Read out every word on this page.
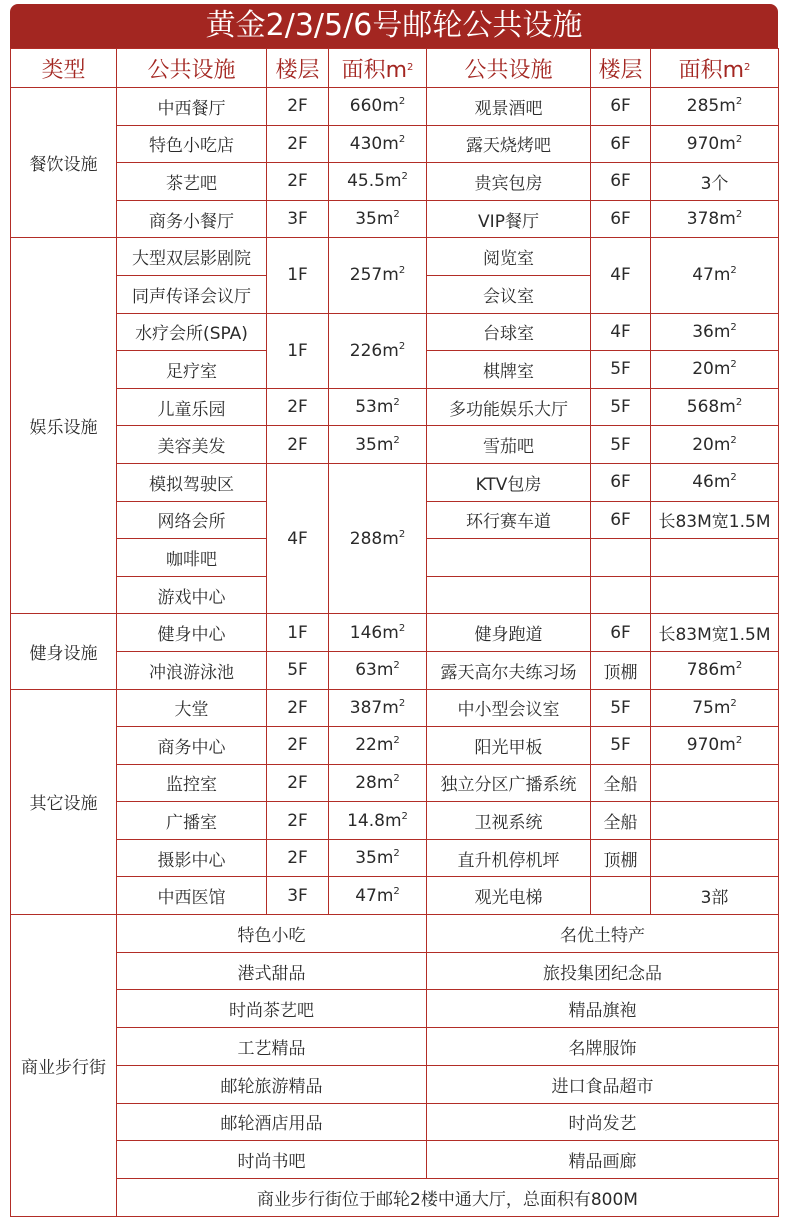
黄金2/3/5/6号邮轮公共设施
类型	公共设施	楼层	面积$m^2$	公共设施	楼层	面积$m^2$
餐饮设施	中西餐厅	2F	$660m^2$	观景酒吧	6F	$285m^2$
	特色小吃店	2F	$430m^2$	露天烧烤吧	6F	$970m^2$
	茶艺吧	2F	$45.5m^2$	贵宾包房	6F	3个
	商务小餐厅	3F	$35m^2$	VIP餐厅	6F	$378m^2$
娱乐设施	大型双层影剧院	1F	$257m^2$	阅览室	4F	$47m^2$
	同声传译会议厅			会议室		
	水疗会所(SPA)	1F	$226m^2$	台球室	4F	$36m^2$
	足疗室			棋牌室	5F	$20m^2$
	儿童乐园	2F	$53m^2$	多功能娱乐大厅	5F	$568m^2$
	美容美发	2F	$35m^2$	雪茄吧	5F	$20m^2$
	模拟驾驶区	4F	$288m^2$	KTV包房	6F	$46m^2$
	网络会所			环行赛车道	6F	长83M宽1.5M
	咖啡吧					
	游戏中心					
健身设施	健身中心	1F	$146m^2$	健身跑道	6F	长83M宽1.5M
	冲浪游泳池	5F	$63m^2$	露天高尔夫练习场	顶棚	$786m^2$
其它设施	大堂	2F	$387m^2$	中小型会议室	5F	$75m^2$
	商务中心	2F	$22m^2$	阳光甲板	5F	$970m^2$
	监控室	2F	$28m^2$	独立分区广播系统	全船	
	广播室	2F	$14.8m^2$	卫视系统	全船	
	摄影中心	2F	$35m^2$	直升机停机坪	顶棚	
	中西医馆	3F	$47m^2$	观光电梯		3部
商业步行街	特色小吃			名优土特产		
	港式甜品			旅投集团纪念品		
	时尚茶艺吧			精品旗袍		
	工艺精品			名牌服饰		
	邮轮旅游精品			进口食品超市		
	邮轮酒店用品			时尚发艺		
	时尚书吧			精品画廊		
	商业步行街位于邮轮2楼中通大厅，总面积有800M					
